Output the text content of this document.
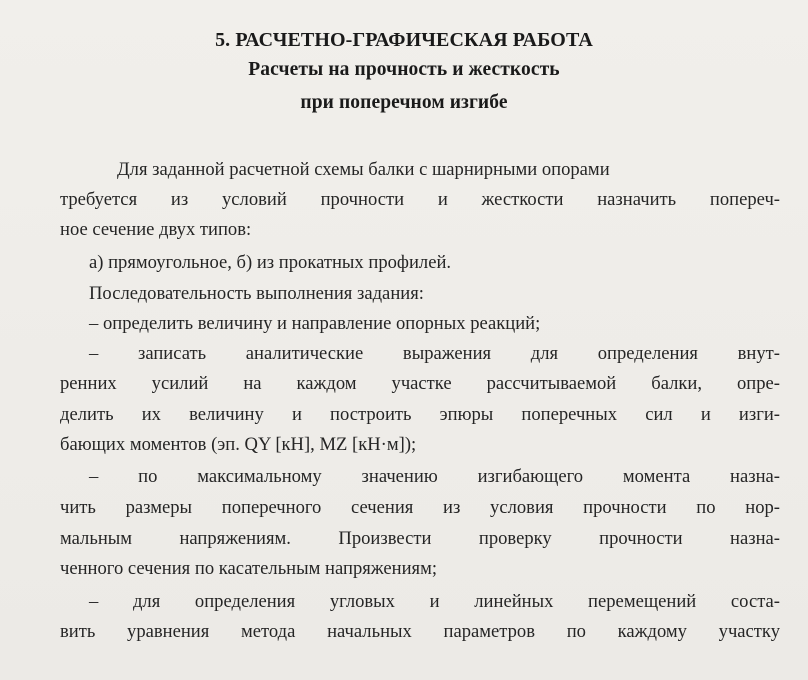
5. РАСЧЕТНО-ГРАФИЧЕСКАЯ РАБОТА
Расчеты на прочность и жесткость
при поперечном изгибе
Для заданной расчетной схемы балки с шарнирными опорами
требуется из условий прочности и жесткости назначить попереч-
ное сечение двух типов:
а) прямоугольное, б) из прокатных профилей.
Последовательность выполнения задания:
– определить величину и направление опорных реакций;
– записать аналитические выражения для определения внут-
ренних усилий на каждом участке рассчитываемой балки, опре-
делить их величину и построить эпюры поперечных сил и изги-
бающих моментов (эп. QY [кН], MZ [кН·м]);
– по максимальному значению изгибающего момента назна-
чить размеры поперечного сечения из условия прочности по нор-
мальным напряжениям. Произвести проверку прочности назна-
ченного сечения по касательным напряжениям;
– для определения угловых и линейных перемещений соста-
вить уравнения метода начальных параметров по каждому участку
